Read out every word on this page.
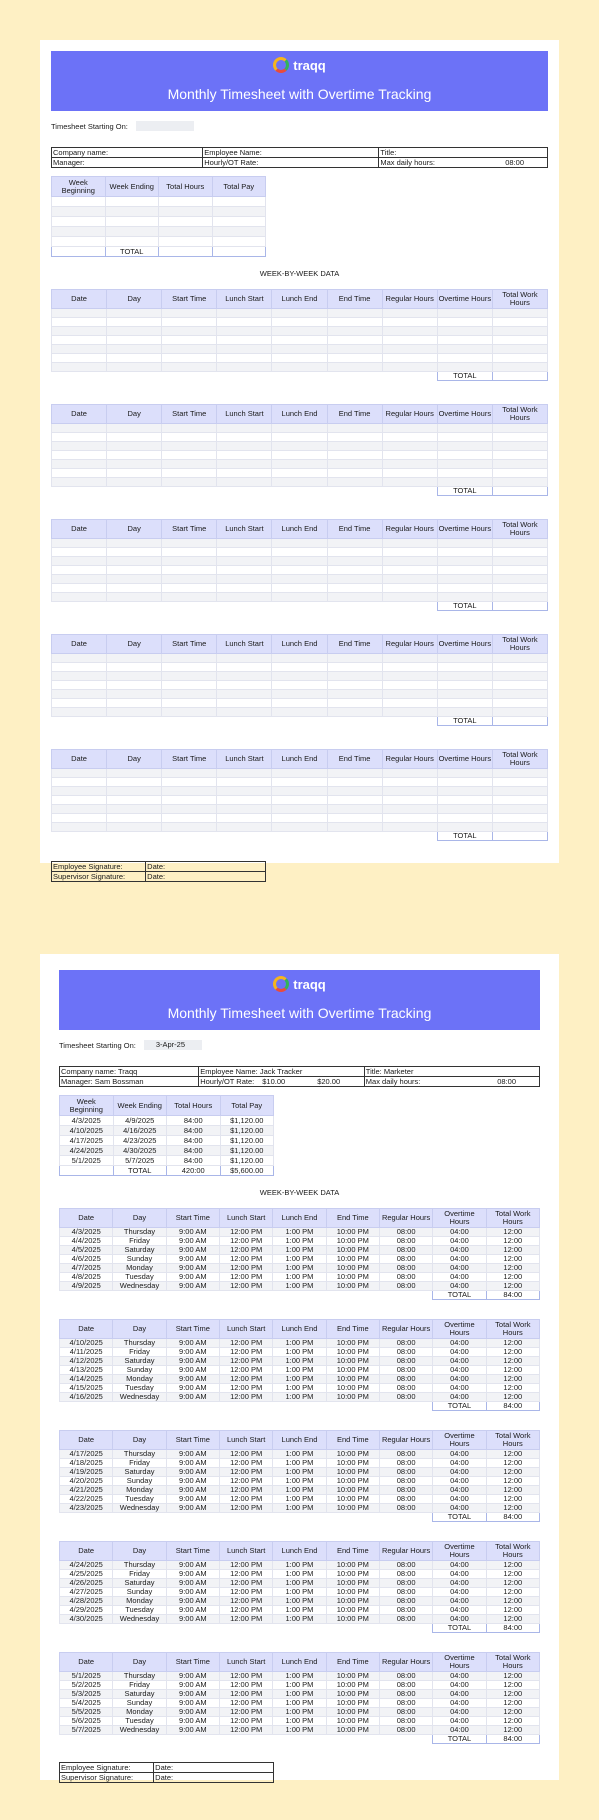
traqq
Monthly Timesheet with Overtime Tracking
Timesheet Starting On:
Company name:	Employee Name:	Title:
Manager:	Hourly/OT Rate:	Max daily hours: 08:00
Week Beginning	Week Ending	Total Hours	Total Pay

	TOTAL		
WEEK-BY-WEEK DATA
Date	Day	Start Time	Lunch Start	Lunch End	End Time	Regular Hours	Overtime Hours	Total Work Hours

							TOTAL	
Date	Day	Start Time	Lunch Start	Lunch End	End Time	Regular Hours	Overtime Hours	Total Work Hours

							TOTAL	
Date	Day	Start Time	Lunch Start	Lunch End	End Time	Regular Hours	Overtime Hours	Total Work Hours

							TOTAL	
Date	Day	Start Time	Lunch Start	Lunch End	End Time	Regular Hours	Overtime Hours	Total Work Hours

							TOTAL	
Date	Day	Start Time	Lunch Start	Lunch End	End Time	Regular Hours	Overtime Hours	Total Work Hours

							TOTAL	
Employee Signature:	Date:
Supervisor Signature:	Date:
traqq
Monthly Timesheet with Overtime Tracking
Timesheet Starting On:	3-Apr-25
Company name: Traqq	Employee Name: Jack Tracker	Title: Marketer
Manager: Sam Bossman	Hourly/OT Rate: $10.00 $20.00	Max daily hours: 08:00
Week Beginning	Week Ending	Total Hours	Total Pay
4/3/2025	4/9/2025	84:00	$1,120.00
4/10/2025	4/16/2025	84:00	$1,120.00
4/17/2025	4/23/2025	84:00	$1,120.00
4/24/2025	4/30/2025	84:00	$1,120.00
5/1/2025	5/7/2025	84:00	$1,120.00
	TOTAL	420:00	$5,600.00
WEEK-BY-WEEK DATA
Date	Day	Start Time	Lunch Start	Lunch End	End Time	Regular Hours	Overtime Hours	Total Work Hours
4/3/2025	Thursday	9:00 AM	12:00 PM	1:00 PM	10:00 PM	08:00	04:00	12:00
4/4/2025	Friday	9:00 AM	12:00 PM	1:00 PM	10:00 PM	08:00	04:00	12:00
4/5/2025	Saturday	9:00 AM	12:00 PM	1:00 PM	10:00 PM	08:00	04:00	12:00
4/6/2025	Sunday	9:00 AM	12:00 PM	1:00 PM	10:00 PM	08:00	04:00	12:00
4/7/2025	Monday	9:00 AM	12:00 PM	1:00 PM	10:00 PM	08:00	04:00	12:00
4/8/2025	Tuesday	9:00 AM	12:00 PM	1:00 PM	10:00 PM	08:00	04:00	12:00
4/9/2025	Wednesday	9:00 AM	12:00 PM	1:00 PM	10:00 PM	08:00	04:00	12:00
							TOTAL	84:00
Date	Day	Start Time	Lunch Start	Lunch End	End Time	Regular Hours	Overtime Hours	Total Work Hours
4/10/2025	Thursday	9:00 AM	12:00 PM	1:00 PM	10:00 PM	08:00	04:00	12:00
4/11/2025	Friday	9:00 AM	12:00 PM	1:00 PM	10:00 PM	08:00	04:00	12:00
4/12/2025	Saturday	9:00 AM	12:00 PM	1:00 PM	10:00 PM	08:00	04:00	12:00
4/13/2025	Sunday	9:00 AM	12:00 PM	1:00 PM	10:00 PM	08:00	04:00	12:00
4/14/2025	Monday	9:00 AM	12:00 PM	1:00 PM	10:00 PM	08:00	04:00	12:00
4/15/2025	Tuesday	9:00 AM	12:00 PM	1:00 PM	10:00 PM	08:00	04:00	12:00
4/16/2025	Wednesday	9:00 AM	12:00 PM	1:00 PM	10:00 PM	08:00	04:00	12:00
							TOTAL	84:00
Date	Day	Start Time	Lunch Start	Lunch End	End Time	Regular Hours	Overtime Hours	Total Work Hours
4/17/2025	Thursday	9:00 AM	12:00 PM	1:00 PM	10:00 PM	08:00	04:00	12:00
4/18/2025	Friday	9:00 AM	12:00 PM	1:00 PM	10:00 PM	08:00	04:00	12:00
4/19/2025	Saturday	9:00 AM	12:00 PM	1:00 PM	10:00 PM	08:00	04:00	12:00
4/20/2025	Sunday	9:00 AM	12:00 PM	1:00 PM	10:00 PM	08:00	04:00	12:00
4/21/2025	Monday	9:00 AM	12:00 PM	1:00 PM	10:00 PM	08:00	04:00	12:00
4/22/2025	Tuesday	9:00 AM	12:00 PM	1:00 PM	10:00 PM	08:00	04:00	12:00
4/23/2025	Wednesday	9:00 AM	12:00 PM	1:00 PM	10:00 PM	08:00	04:00	12:00
							TOTAL	84:00
Date	Day	Start Time	Lunch Start	Lunch End	End Time	Regular Hours	Overtime Hours	Total Work Hours
4/24/2025	Thursday	9:00 AM	12:00 PM	1:00 PM	10:00 PM	08:00	04:00	12:00
4/25/2025	Friday	9:00 AM	12:00 PM	1:00 PM	10:00 PM	08:00	04:00	12:00
4/26/2025	Saturday	9:00 AM	12:00 PM	1:00 PM	10:00 PM	08:00	04:00	12:00
4/27/2025	Sunday	9:00 AM	12:00 PM	1:00 PM	10:00 PM	08:00	04:00	12:00
4/28/2025	Monday	9:00 AM	12:00 PM	1:00 PM	10:00 PM	08:00	04:00	12:00
4/29/2025	Tuesday	9:00 AM	12:00 PM	1:00 PM	10:00 PM	08:00	04:00	12:00
4/30/2025	Wednesday	9:00 AM	12:00 PM	1:00 PM	10:00 PM	08:00	04:00	12:00
							TOTAL	84:00
Date	Day	Start Time	Lunch Start	Lunch End	End Time	Regular Hours	Overtime Hours	Total Work Hours
5/1/2025	Thursday	9:00 AM	12:00 PM	1:00 PM	10:00 PM	08:00	04:00	12:00
5/2/2025	Friday	9:00 AM	12:00 PM	1:00 PM	10:00 PM	08:00	04:00	12:00
5/3/2025	Saturday	9:00 AM	12:00 PM	1:00 PM	10:00 PM	08:00	04:00	12:00
5/4/2025	Sunday	9:00 AM	12:00 PM	1:00 PM	10:00 PM	08:00	04:00	12:00
5/5/2025	Monday	9:00 AM	12:00 PM	1:00 PM	10:00 PM	08:00	04:00	12:00
5/6/2025	Tuesday	9:00 AM	12:00 PM	1:00 PM	10:00 PM	08:00	04:00	12:00
5/7/2025	Wednesday	9:00 AM	12:00 PM	1:00 PM	10:00 PM	08:00	04:00	12:00
							TOTAL	84:00
Employee Signature:	Date:
Supervisor Signature:	Date:
